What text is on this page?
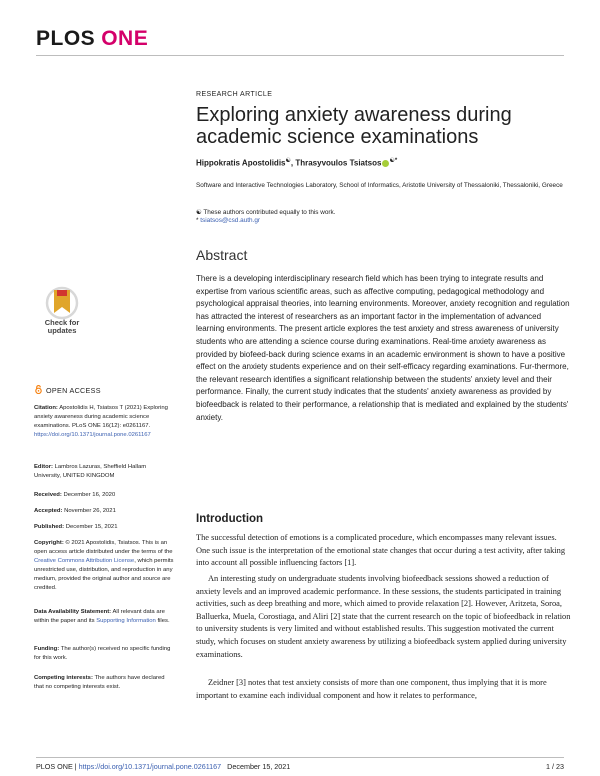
PLOS ONE
RESEARCH ARTICLE
Exploring anxiety awareness during academic science examinations
Hippokratis Apostolidis☯, Thrasyvoulos Tsiatsos ☯*
Software and Interactive Technologies Laboratory, School of Informatics, Aristotle University of Thessaloniki, Thessaloniki, Greece
☯ These authors contributed equally to this work.
* tsiatsos@csd.auth.gr
Abstract

There is a developing interdisciplinary research field which has been trying to integrate results and expertise from various scientific areas, such as affective computing, pedagogical methodology and psychological appraisal theories, into learning environments. Moreover, anxiety recognition and regulation has attracted the interest of researchers as an important factor in the implementation of advanced learning environments. The present article explores the test anxiety and stress awareness of university students who are attending a science course during examinations. Real-time anxiety awareness as provided by biofeed-back during science exams in an academic environment is shown to have a positive effect on the anxiety students experience and on their self-efficacy regarding examinations. Fur-thermore, the relevant research identifies a significant relationship between the students' anxiety level and their performance. Finally, the current study indicates that the students' anxiety awareness as provided by biofeedback is related to their performance, a relationship that is mediated and explained by the students' anxiety.

Check for
updates
OPEN ACCESS
Citation: Apostolidis H, Tsiatsos T (2021) Exploring anxiety awareness during academic science examinations. PLoS ONE 16(12): e0261167. https://doi.org/10.1371/journal.pone.0261167
Editor: Lambros Lazuras, Sheffield Hallam University, UNITED KINGDOM
Received: December 16, 2020
Accepted: November 26, 2021
Published: December 15, 2021
Copyright: © 2021 Apostolidis, Tsiatsos. This is an open access article distributed under the terms of the Creative Commons Attribution License, which permits unrestricted use, distribution, and reproduction in any medium, provided the original author and source are credited.
Data Availability Statement: All relevant data are within the paper and its Supporting Information files.
Funding: The author(s) received no specific funding for this work.
Competing interests: The authors have declared that no competing interests exist.
Introduction

The successful detection of emotions is a complicated procedure, which encompasses many relevant issues. One such issue is the interpretation of the emotional state changes that occur during a test activity, after taking into account all possible influencing factors [1].

An interesting study on undergraduate students involving biofeedback sessions showed a reduction of anxiety levels and an improved academic performance. In these sessions, the students participated in training activities, such as deep breathing and more, which aimed to provide relaxation [2]. However, Aritzeta, Soroa, Balluerka, Muela, Corostiaga, and Aliri [2] state that the current research on the topic of biofeedback in relation to university students is very limited and without established results. This suggestion motivated the current study, which focuses on student anxiety awareness by utilizing a biofeedback system applied during university examinations.

Zeidner [3] notes that test anxiety consists of more than one component, thus implying that it is more important to examine each individual component and how it relates to performance,

PLOS ONE | https://doi.org/10.1371/journal.pone.0261167 December 15, 2021	1 / 23
